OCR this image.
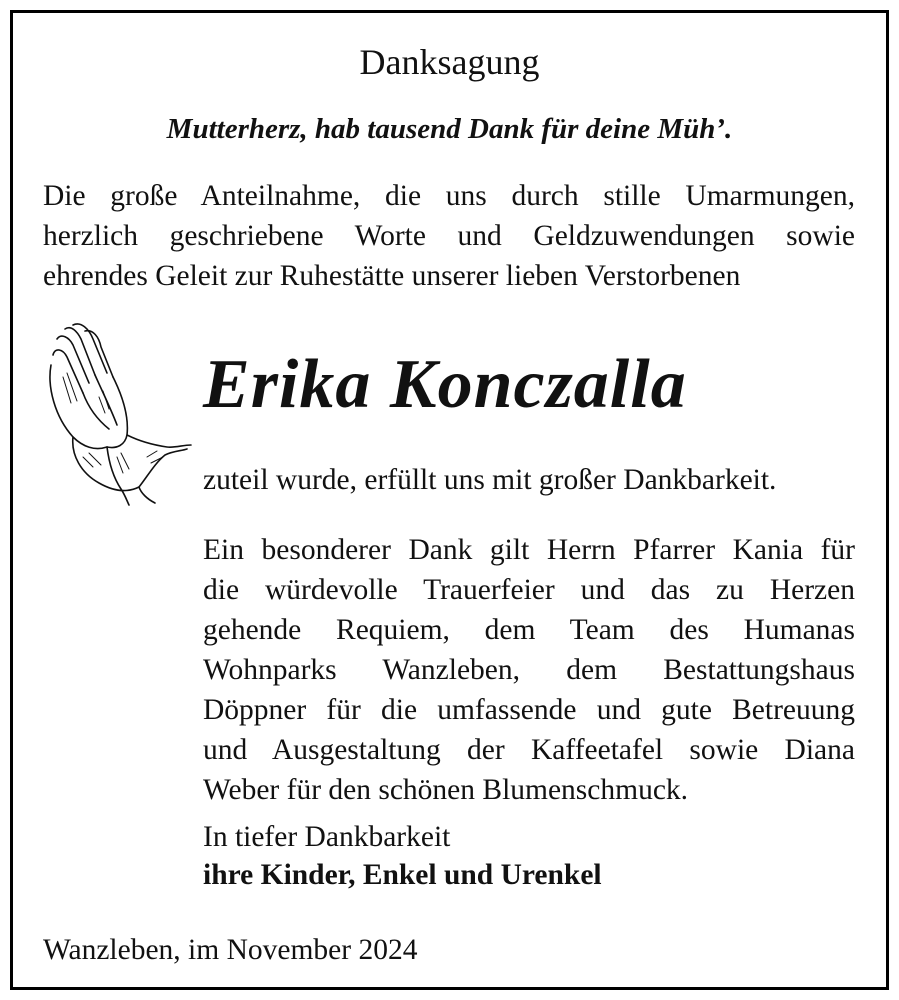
Danksagung
Mutterherz, hab tausend Dank für deine Müh’.
Die große Anteilnahme, die uns durch stille Umarmungen,
herzlich geschriebene Worte und Geldzuwendungen sowie
ehrendes Geleit zur Ruhestätte unserer lieben Verstorbenen
Erika Konczalla
zuteil wurde, erfüllt uns mit großer Dankbarkeit.
Ein besonderer Dank gilt Herrn Pfarrer Kania für
die würdevolle Trauerfeier und das zu Herzen
gehende Requiem, dem Team des Humanas
Wohnparks Wanzleben, dem Bestattungshaus
Döppner für die umfassende und gute Betreuung
und Ausgestaltung der Kaffeetafel sowie Diana
Weber für den schönen Blumenschmuck.
In tiefer Dankbarkeit
ihre Kinder, Enkel und Urenkel
Wanzleben, im November 2024
